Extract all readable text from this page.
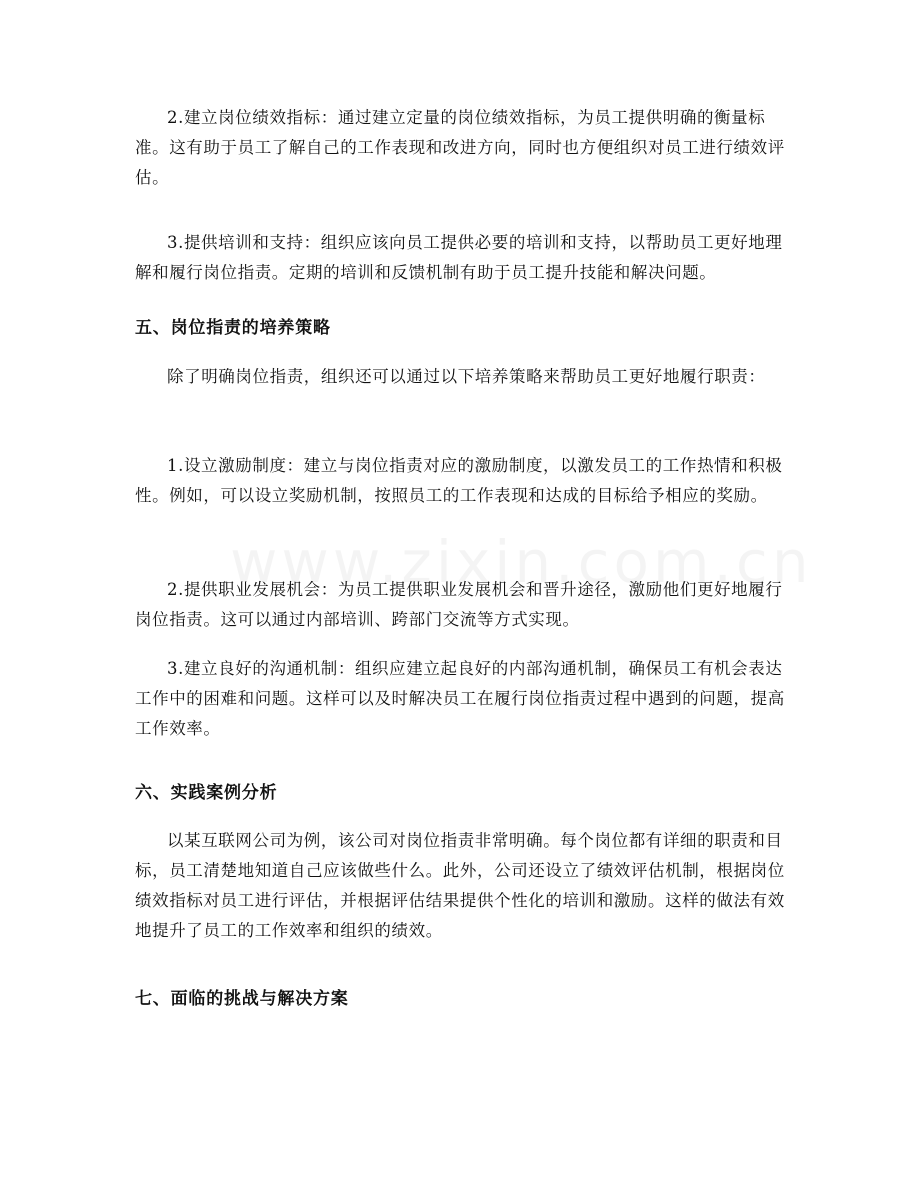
2.建立岗位绩效指标：通过建立定量的岗位绩效指标，为员工提供明确的衡量标准。这有助于员工了解自己的工作表现和改进方向，同时也方便组织对员工进行绩效评估。

3.提供培训和支持：组织应该向员工提供必要的培训和支持，以帮助员工更好地理解和履行岗位指责。定期的培训和反馈机制有助于员工提升技能和解决问题。

五、岗位指责的培养策略

除了明确岗位指责，组织还可以通过以下培养策略来帮助员工更好地履行职责：

1.设立激励制度：建立与岗位指责对应的激励制度，以激发员工的工作热情和积极性。例如，可以设立奖励机制，按照员工的工作表现和达成的目标给予相应的奖励。

2.提供职业发展机会：为员工提供职业发展机会和晋升途径，激励他们更好地履行岗位指责。这可以通过内部培训、跨部门交流等方式实现。

3.建立良好的沟通机制：组织应建立起良好的内部沟通机制，确保员工有机会表达工作中的困难和问题。这样可以及时解决员工在履行岗位指责过程中遇到的问题，提高工作效率。

六、实践案例分析

以某互联网公司为例，该公司对岗位指责非常明确。每个岗位都有详细的职责和目标，员工清楚地知道自己应该做些什么。此外，公司还设立了绩效评估机制，根据岗位绩效指标对员工进行评估，并根据评估结果提供个性化的培训和激励。这样的做法有效地提升了员工的工作效率和组织的绩效。

七、面临的挑战与解决方案
